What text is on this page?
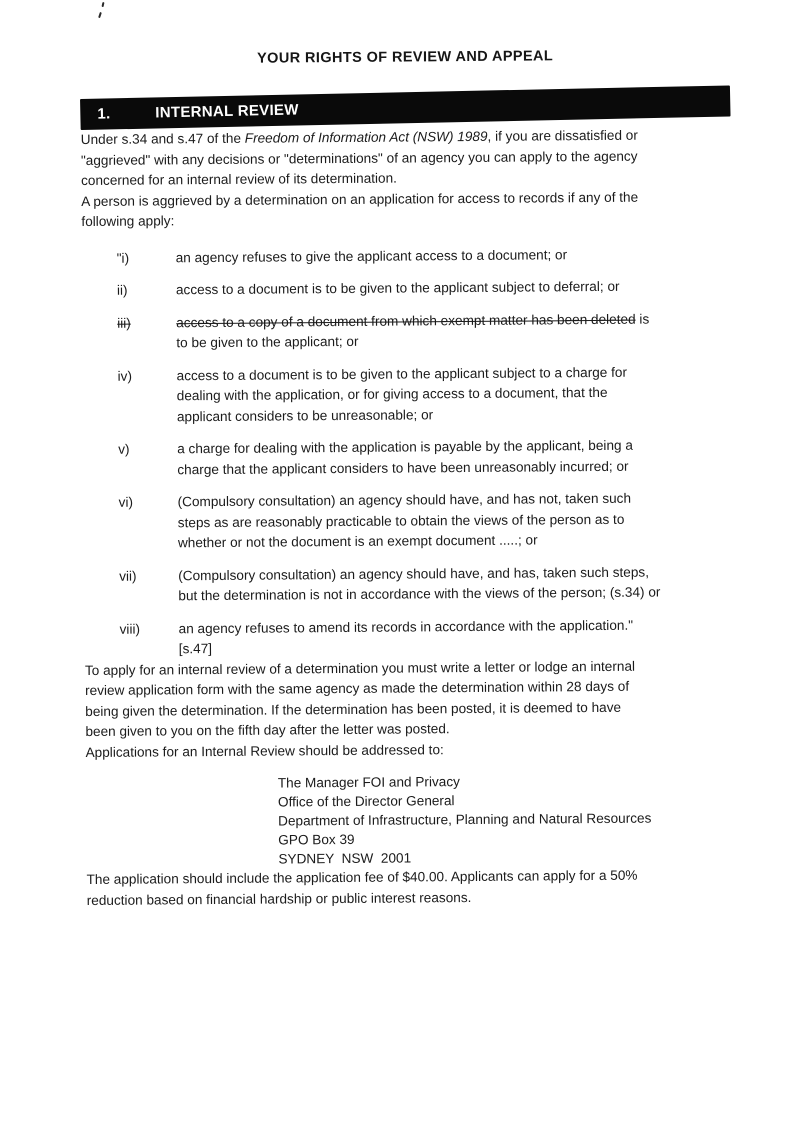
YOUR RIGHTS OF REVIEW AND APPEAL
1.	INTERNAL REVIEW

Under s.34 and s.47 of the Freedom of Information Act (NSW) 1989, if you are dissatisfied or
"aggrieved" with any decisions or "determinations" of an agency you can apply to the agency
concerned for an internal review of its determination.

A person is aggrieved by a determination on an application for access to records if any of the
following apply:

"i)	an agency refuses to give the applicant access to a document; or
ii)	access to a document is to be given to the applicant subject to deferral; or
iii)	access to a copy of a document from which exempt matter has been deleted is
to be given to the applicant; or
iv)	access to a document is to be given to the applicant subject to a charge for
dealing with the application, or for giving access to a document, that the
applicant considers to be unreasonable; or
v)	a charge for dealing with the application is payable by the applicant, being a
charge that the applicant considers to have been unreasonably incurred; or
vi)	(Compulsory consultation) an agency should have, and has not, taken such
steps as are reasonably practicable to obtain the views of the person as to
whether or not the document is an exempt document .....; or
vii)	(Compulsory consultation) an agency should have, and has, taken such steps,
but the determination is not in accordance with the views of the person; (s.34) or
viii)	an agency refuses to amend its records in accordance with the application."
[s.47]

To apply for an internal review of a determination you must write a letter or lodge an internal
review application form with the same agency as made the determination within 28 days of
being given the determination. If the determination has been posted, it is deemed to have
been given to you on the fifth day after the letter was posted.

Applications for an Internal Review should be addressed to:

The Manager FOI and Privacy
Office of the Director General
Department of Infrastructure, Planning and Natural Resources
GPO Box 39
SYDNEY  NSW  2001

The application should include the application fee of $40.00. Applicants can apply for a 50%
reduction based on financial hardship or public interest reasons.
